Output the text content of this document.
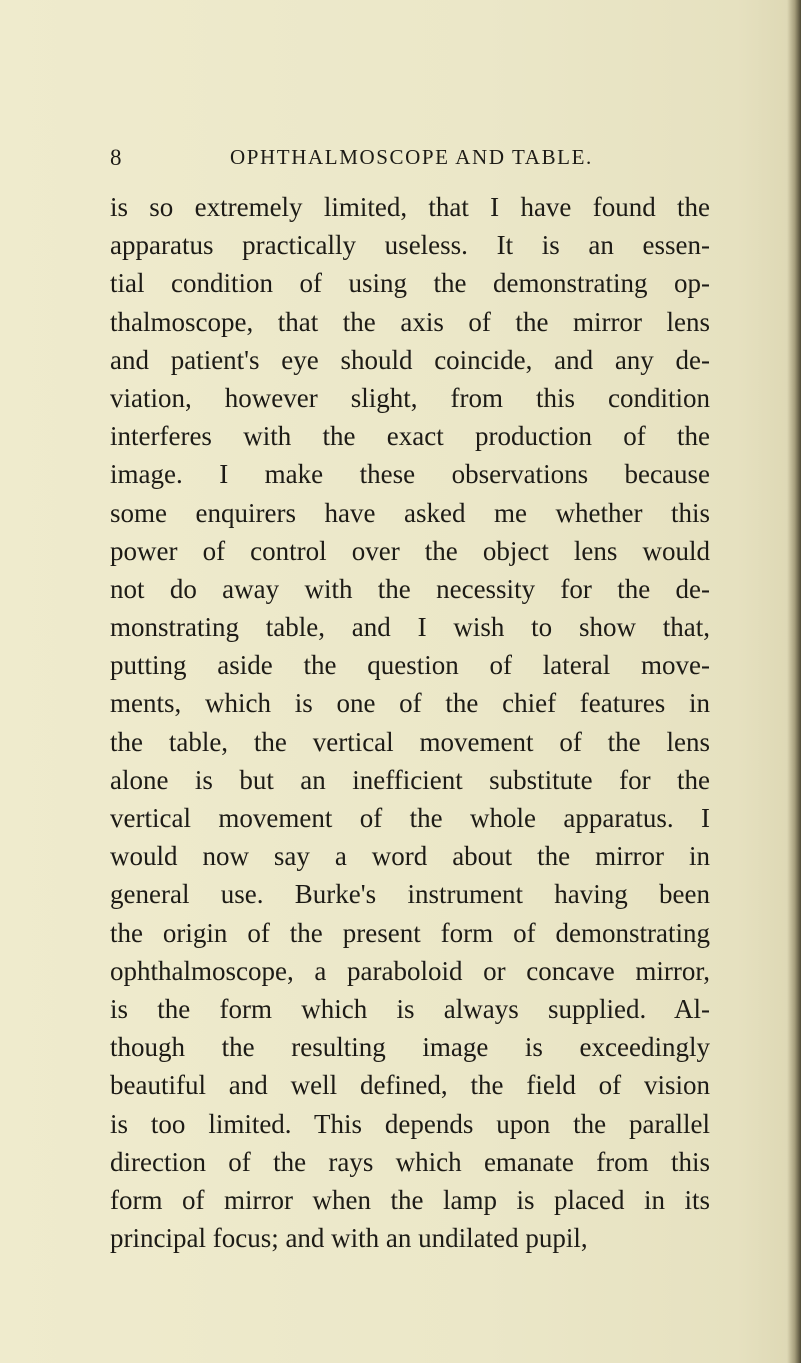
8	OPHTHALMOSCOPE AND TABLE.
is so extremely limited, that I have found the
apparatus practically useless. It is an essen-
tial condition of using the demonstrating op-
thalmoscope, that the axis of the mirror lens
and patient's eye should coincide, and any de-
viation, however slight, from this condition
interferes with the exact production of the
image. I make these observations because
some enquirers have asked me whether this
power of control over the object lens would
not do away with the necessity for the de-
monstrating table, and I wish to show that,
putting aside the question of lateral move-
ments, which is one of the chief features in
the table, the vertical movement of the lens
alone is but an inefficient substitute for the
vertical movement of the whole apparatus. I
would now say a word about the mirror in
general use. Burke's instrument having been
the origin of the present form of demonstrating
ophthalmoscope, a paraboloid or concave mirror,
is the form which is always supplied. Al-
though the resulting image is exceedingly
beautiful and well defined, the field of vision
is too limited. This depends upon the parallel
direction of the rays which emanate from this
form of mirror when the lamp is placed in its
principal focus; and with an undilated pupil,
